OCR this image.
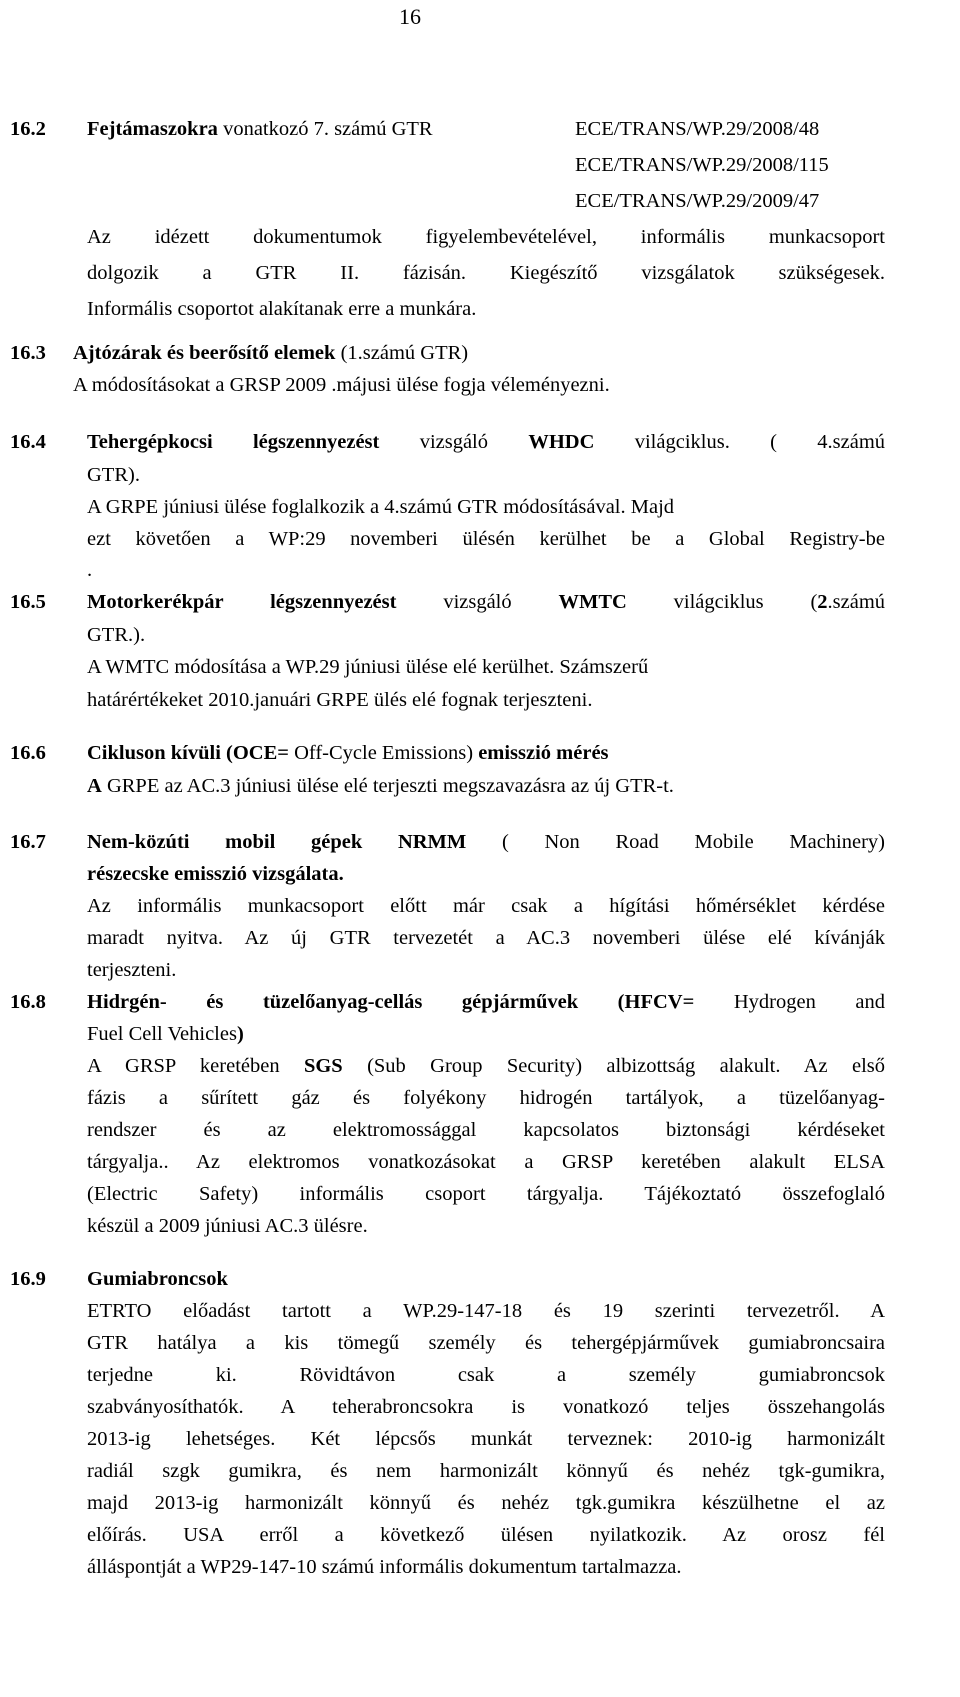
16
16.2 Fejtámaszokra vonatkozó 7. számú GTR	ECE/TRANS/WP.29/2008/48
ECE/TRANS/WP.29/2008/115
ECE/TRANS/WP.29/2009/47
Az idézett dokumentumok figyelembevételével, informális munkacsoport
dolgozik a GTR II. fázisán. Kiegészítő vizsgálatok szükségesek.
Informális csoportot alakítanak erre a munkára.
16.3 Ajtózárak és beerősítő elemek (1.számú GTR)
A módosításokat a GRSP 2009 .májusi ülése fogja véleményezni.
16.4 Tehergépkocsi légszennyezést vizsgáló WHDC világciklus. ( 4.számú
GTR).
A GRPE júniusi ülése foglalkozik a 4.számú GTR módosításával. Majd
ezt követően a WP:29 novemberi ülésén kerülhet be a Global Registry-be
.
16.5 Motorkerékpár légszennyezést vizsgáló WMTC világciklus (2.számú
GTR.).
A WMTC módosítása a WP.29 júniusi ülése elé kerülhet. Számszerű
határértékeket 2010.januári GRPE ülés elé fognak terjeszteni.
16.6 Cikluson kívüli (OCE= Off-Cycle Emissions) emisszió mérés
A GRPE az AC.3 júniusi ülése elé terjeszti megszavazásra az új GTR-t.
16.7 Nem-közúti mobil gépek NRMM ( Non Road Mobile Machinery)
részecske emisszió vizsgálata.
Az informális munkacsoport előtt már csak a hígítási hőmérséklet kérdése
maradt nyitva. Az új GTR tervezetét a AC.3 novemberi ülése elé kívánják
terjeszteni.
16.8 Hidrgén- és tüzelőanyag-cellás gépjárművek (HFCV= Hydrogen and
Fuel Cell Vehicles)
A GRSP keretében SGS (Sub Group Security) albizottság alakult. Az első
fázis a sűrített gáz és folyékony hidrogén tartályok, a tüzelőanyag-
rendszer és az elektromossággal kapcsolatos biztonsági kérdéseket
tárgyalja.. Az elektromos vonatkozásokat a GRSP keretében alakult ELSA
(Electric Safety) informális csoport tárgyalja. Tájékoztató összefoglaló
készül a 2009 júniusi AC.3 ülésre.
16.9 Gumiabroncsok
ETRTO előadást tartott a WP.29-147-18 és 19 szerinti tervezetről. A
GTR hatálya a kis tömegű személy és tehergépjárművek gumiabroncsaira
terjedne ki. Rövidtávon csak a személy gumiabroncsok
szabványosíthatók. A teherabroncsokra is vonatkozó teljes összehangolás
2013-ig lehetséges. Két lépcsős munkát terveznek: 2010-ig harmonizált
radiál szgk gumikra, és nem harmonizált könnyű és nehéz tgk-gumikra,
majd 2013-ig harmonizált könnyű és nehéz tgk.gumikra készülhetne el az
előírás. USA erről a következő ülésen nyilatkozik. Az orosz fél
álláspontját a WP29-147-10 számú informális dokumentum tartalmazza.
